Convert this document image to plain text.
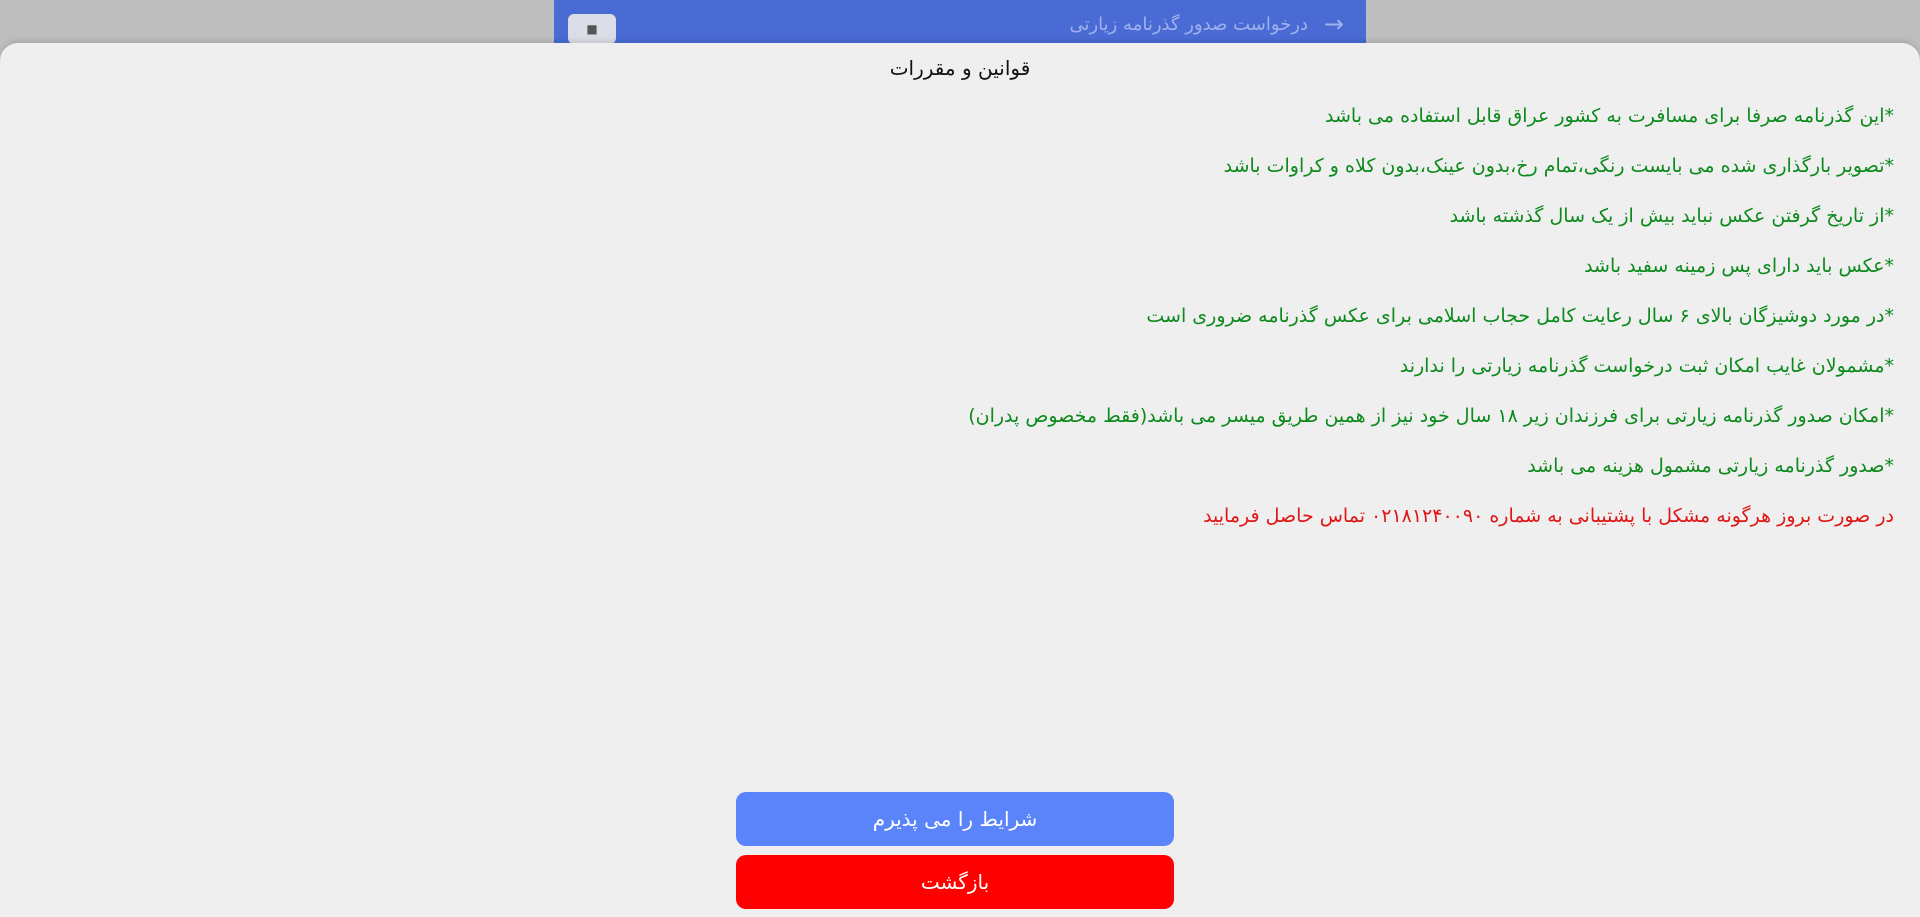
→
درخواست صدور گذرنامه زیارتی
■
قوانین و مقررات
*این گذرنامه صرفا برای مسافرت به کشور عراق قابل استفاده می باشد
*تصویر بارگذاری شده می بایست رنگی،تمام رخ،بدون عینک،بدون کلاه و کراوات باشد
*از تاریخ گرفتن عکس نباید بیش از یک سال گذشته باشد
*عکس باید دارای پس زمینه سفید باشد
*در مورد دوشیزگان بالای ۶ سال رعایت کامل حجاب اسلامی برای عکس گذرنامه ضروری است
*مشمولان غایب امکان ثبت درخواست گذرنامه زیارتی را ندارند
*امکان صدور گذرنامه زیارتی برای فرزندان زیر ۱۸ سال خود نیز از همین طریق میسر می باشد(فقط مخصوص پدران)
*صدور گذرنامه زیارتی مشمول هزینه می باشد
در صورت بروز هرگونه مشکل با پشتیبانی به شماره ۰۲۱۸۱۲۴۰۰۹۰ تماس حاصل فرمایید
شرایط را می پذیرم
بازگشت
